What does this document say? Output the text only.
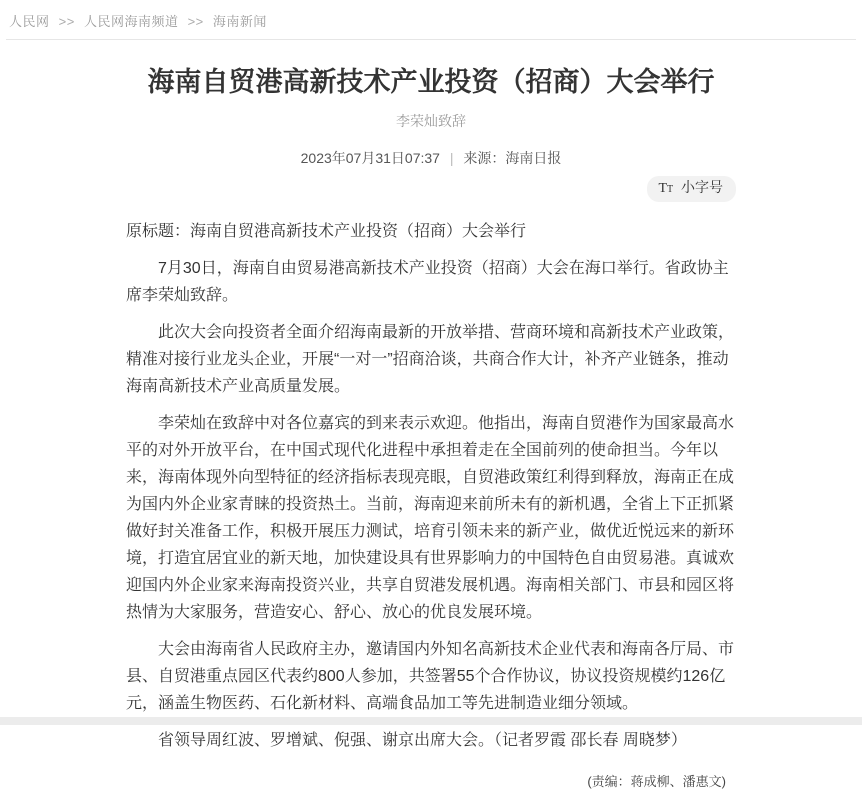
人民网 >> 人民网海南频道 >> 海南新闻
海南自贸港高新技术产业投资（招商）大会举行
李荣灿致辞
2023年07月31日07:37 | 来源：海南日报
TT 小字号

原标题：海南自贸港高新技术产业投资（招商）大会举行

7月30日，海南自由贸易港高新技术产业投资（招商）大会在海口举行。省政协主席李荣灿致辞。

此次大会向投资者全面介绍海南最新的开放举措、营商环境和高新技术产业政策，精准对接行业龙头企业，开展“一对一”招商洽谈，共商合作大计，补齐产业链条，推动海南高新技术产业高质量发展。

李荣灿在致辞中对各位嘉宾的到来表示欢迎。他指出，海南自贸港作为国家最高水平的对外开放平台，在中国式现代化进程中承担着走在全国前列的使命担当。今年以来，海南体现外向型特征的经济指标表现亮眼，自贸港政策红利得到释放，海南正在成为国内外企业家青睐的投资热土。当前，海南迎来前所未有的新机遇，全省上下正抓紧做好封关准备工作，积极开展压力测试，培育引领未来的新产业，做优近悦远来的新环境，打造宜居宜业的新天地，加快建设具有世界影响力的中国特色自由贸易港。真诚欢迎国内外企业家来海南投资兴业，共享自贸港发展机遇。海南相关部门、市县和园区将热情为大家服务，营造安心、舒心、放心的优良发展环境。

大会由海南省人民政府主办，邀请国内外知名高新技术企业代表和海南各厅局、市县、自贸港重点园区代表约800人参加，共签署55个合作协议，协议投资规模约126亿元，涵盖生物医药、石化新材料、高端食品加工等先进制造业细分领域。

省领导周红波、罗增斌、倪强、谢京出席大会。（记者罗霞 邵长春 周晓梦）

(责编：蒋成柳、潘惠文)
